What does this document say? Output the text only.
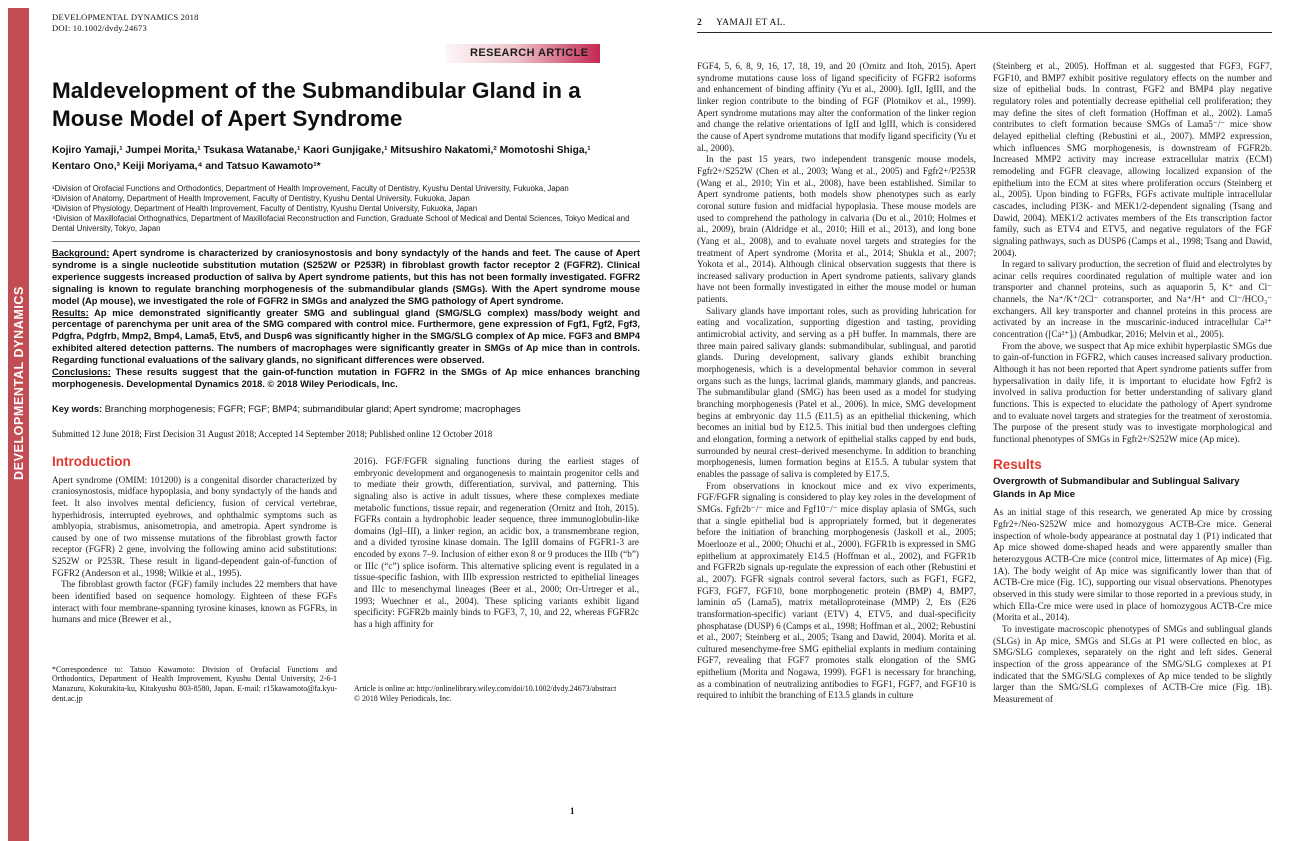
DEVELOPMENTAL DYNAMICS
DEVELOPMENTAL DYNAMICS 2018
DOI: 10.1002/dvdy.24673
RESEARCH ARTICLE
Maldevelopment of the Submandibular Gland in a
Mouse Model of Apert Syndrome
Kojiro Yamaji,¹ Jumpei Morita,¹ Tsukasa Watanabe,¹ Kaori Gunjigake,¹ Mitsushiro Nakatomi,² Momotoshi Shiga,¹
Kentaro Ono,³ Keiji Moriyama,⁴ and Tatsuo Kawamoto¹*
¹Division of Orofacial Functions and Orthodontics, Department of Health Improvement, Faculty of Dentistry, Kyushu Dental University, Fukuoka, Japan
²Division of Anatomy, Department of Health Improvement, Faculty of Dentistry, Kyushu Dental University, Fukuoka, Japan
³Division of Physiology, Department of Health Improvement, Faculty of Dentistry, Kyushu Dental University, Fukuoka, Japan
⁴Division of Maxillofacial Orthognathics, Department of Maxillofacial Reconstruction and Function, Graduate School of Medical and Dental Sciences, Tokyo Medical and Dental University, Tokyo, Japan

Background: Apert syndrome is characterized by craniosynostosis and bony syndactyly of the hands and feet. The cause of Apert syndrome is a single nucleotide substitution mutation (S252W or P253R) in fibroblast growth factor receptor 2 (FGFR2). Clinical experience suggests increased production of saliva by Apert syndrome patients, but this has not been formally investigated. FGFR2 signaling is known to regulate branching morphogenesis of the submandibular glands (SMGs). With the Apert syndrome mouse model (Ap mouse), we investigated the role of FGFR2 in SMGs and analyzed the SMG pathology of Apert syndrome.

Results: Ap mice demonstrated significantly greater SMG and sublingual gland (SMG/SLG complex) mass/body weight and percentage of parenchyma per unit area of the SMG compared with control mice. Furthermore, gene expression of Fgf1, Fgf2, Fgf3, Pdgfra, Pdgfrb, Mmp2, Bmp4, Lama5, Etv5, and Dusp6 was significantly higher in the SMG/SLG complex of Ap mice. FGF3 and BMP4 exhibited altered detection patterns. The numbers of macrophages were significantly greater in SMGs of Ap mice than in controls. Regarding functional evaluations of the salivary glands, no significant differences were observed.

Conclusions: These results suggest that the gain-of-function mutation in FGFR2 in the SMGs of Ap mice enhances branching morphogenesis. Developmental Dynamics 2018. © 2018 Wiley Periodicals, Inc.

Key words: Branching morphogenesis; FGFR; FGF; BMP4; submandibular gland; Apert syndrome; macrophages
Submitted 12 June 2018; First Decision 31 August 2018; Accepted 14 September 2018; Published online 12 October 2018
Introduction

Apert syndrome (OMIM: 101200) is a congenital disorder characterized by craniosynostosis, midface hypoplasia, and bony syndactyly of the hands and feet. It also involves mental deficiency, fusion of cervical vertebrae, hyperhidrosis, interrupted eyebrows, and ophthalmic symptoms such as amblyopia, strabismus, anisometropia, and ametropia. Apert syndrome is caused by one of two missense mutations of the fibroblast growth factor receptor (FGFR) 2 gene, involving the following amino acid substitutions: S252W or P253R. These result in ligand-dependent gain-of-function of FGFR2 (Anderson et al., 1998; Wilkie et al., 1995).

The fibroblast growth factor (FGF) family includes 22 members that have been identified based on sequence homology. Eighteen of these FGFs interact with four membrane-spanning tyrosine kinases, known as FGFRs, in humans and mice (Brewer et al.,

*Correspondence to: Tatsuo Kawamoto: Division of Orofacial Functions and Orthodontics, Department of Health Improvement, Kyushu Dental University, 2-6-1 Manazuru, Kokurakita-ku, Kitakyushu 803-8580, Japan. E-mail: r15kawamoto@fa.kyu-dent.ac.jp

2016). FGF/FGFR signaling functions during the earliest stages of embryonic development and organogenesis to maintain progenitor cells and to mediate their growth, differentiation, survival, and patterning. This signaling also is active in adult tissues, where these complexes mediate metabolic functions, tissue repair, and regeneration (Ornitz and Itoh, 2015). FGFRs contain a hydrophobic leader sequence, three immunoglobulin-like domains (IgI–III), a linker region, an acidic box, a transmembrane region, and a divided tyrosine kinase domain. The IgIII domains of FGFR1-3 are encoded by exons 7–9. Inclusion of either exon 8 or 9 produces the IIIb (“b”) or IIIc (“c”) splice isoform. This alternative splicing event is regulated in a tissue-specific fashion, with IIIb expression restricted to epithelial lineages and IIIc to mesenchymal lineages (Beer et al., 2000; Orr-Urtreger et al., 1993; Wuechner et al., 2004). These splicing variants exhibit ligand specificity: FGFR2b mainly binds to FGF3, 7, 10, and 22, whereas FGFR2c has a high affinity for

Article is online at: http://onlinelibrary.wiley.com/doi/10.1002/dvdy.24673/abstract
© 2018 Wiley Periodicals, Inc.
1
2 YAMAJI ET AL.

FGF4, 5, 6, 8, 9, 16, 17, 18, 19, and 20 (Ornitz and Itoh, 2015). Apert syndrome mutations cause loss of ligand specificity of FGFR2 isoforms and enhancement of binding affinity (Yu et al., 2000). IgII, IgIII, and the linker region contribute to the binding of FGF (Plotnikov et al., 1999). Apert syndrome mutations may alter the conformation of the linker region and change the relative orientations of IgII and IgIII, which is considered the cause of Apert syndrome mutations that modify ligand specificity (Yu et al., 2000).

In the past 15 years, two independent transgenic mouse models, Fgfr2+/S252W (Chen et al., 2003; Wang et al., 2005) and Fgfr2+/P253R (Wang et al., 2010; Yin et al., 2008), have been established. Similar to Apert syndrome patients, both models show phenotypes such as early coronal suture fusion and midfacial hypoplasia. These mouse models are used to comprehend the pathology in calvaria (Du et al., 2010; Holmes et al., 2009), brain (Aldridge et al., 2010; Hill et al., 2013), and long bone (Yang et al., 2008), and to evaluate novel targets and strategies for the treatment of Apert syndrome (Morita et al., 2014; Shukla et al., 2007; Yokota et al., 2014). Although clinical observation suggests that there is increased salivary production in Apert syndrome patients, salivary glands have not been formally investigated in either the mouse model or human patients.

Salivary glands have important roles, such as providing lubrication for eating and vocalization, supporting digestion and tasting, providing antimicrobial activity, and serving as a pH buffer. In mammals, there are three main paired salivary glands: submandibular, sublingual, and parotid glands. During development, salivary glands exhibit branching morphogenesis, which is a developmental behavior common in several organs such as the lungs, lacrimal glands, mammary glands, and pancreas. The submandibular gland (SMG) has been used as a model for studying branching morphogenesis (Patel et al., 2006). In mice, SMG development begins at embryonic day 11.5 (E11.5) as an epithelial thickening, which becomes an initial bud by E12.5. This initial bud then undergoes clefting and elongation, forming a network of epithelial stalks capped by end buds, surrounded by neural crest–derived mesenchyme. In addition to branching morphogenesis, lumen formation begins at E15.5. A tubular system that enables the passage of saliva is completed by E17.5.

From observations in knockout mice and ex vivo experiments, FGF/FGFR signaling is considered to play key roles in the development of SMGs. Fgfr2b⁻/⁻ mice and Fgf10⁻/⁻ mice display aplasia of SMGs, such that a single epithelial bud is appropriately formed, but it degenerates before the initiation of branching morphogenesis (Jaskoll et al., 2005; Moerlooze et al., 2000; Ohuchi et al., 2000). FGFR1b is expressed in SMG epithelium at approximately E14.5 (Hoffman et al., 2002), and FGFR1b and FGFR2b signals up-regulate the expression of each other (Rebustini et al., 2007). FGFR signals control several factors, such as FGF1, FGF2, FGF3, FGF7, FGF10, bone morphogenetic protein (BMP) 4, BMP7, laminin α5 (Lama5), matrix metalloproteinase (MMP) 2, Ets (E26 transformation-specific) variant (ETV) 4, ETV5, and dual-specificity phosphatase (DUSP) 6 (Camps et al., 1998; Hoffman et al., 2002; Rebustini et al., 2007; Steinberg et al., 2005; Tsang and Dawid, 2004). Morita et al. cultured mesenchyme-free SMG epithelial explants in medium containing FGF7, revealing that FGF7 promotes stalk elongation of the SMG epithelium (Morita and Nogawa, 1999). FGF1 is necessary for branching, as a combination of neutralizing antibodies to FGF1, FGF7, and FGF10 is required to inhibit the branching of E13.5 glands in culture

(Steinberg et al., 2005). Hoffman et al. suggested that FGF3, FGF7, FGF10, and BMP7 exhibit positive regulatory effects on the number and size of epithelial buds. In contrast, FGF2 and BMP4 play negative regulatory roles and potentially decrease epithelial cell proliferation; they may define the sites of cleft formation (Hoffman et al., 2002). Lama5 contributes to cleft formation because SMGs of Lama5⁻/⁻ mice show delayed epithelial clefting (Rebustini et al., 2007). MMP2 expression, which influences SMG morphogenesis, is downstream of FGFR2b. Increased MMP2 activity may increase extracellular matrix (ECM) remodeling and FGFR cleavage, allowing localized expansion of the epithelium into the ECM at sites where proliferation occurs (Steinberg et al., 2005). Upon binding to FGFRs, FGFs activate multiple intracellular cascades, including PI3K- and MEK1/2-dependent signaling (Tsang and Dawid, 2004). MEK1/2 activates members of the Ets transcription factor family, such as ETV4 and ETV5, and negative regulators of the FGF signaling pathways, such as DUSP6 (Camps et al., 1998; Tsang and Dawid, 2004).

In regard to salivary production, the secretion of fluid and electrolytes by acinar cells requires coordinated regulation of multiple water and ion transporter and channel proteins, such as aquaporin 5, K⁺ and Cl⁻ channels, the Na⁺/K⁺/2Cl⁻ cotransporter, and Na⁺/H⁺ and Cl⁻/HCO₃⁻ exchangers. All key transporter and channel proteins in this process are activated by an increase in the muscarinic-induced intracellular Ca²⁺ concentration ([Ca²⁺]ᵢ) (Ambudkar, 2016; Melvin et al., 2005).

From the above, we suspect that Ap mice exhibit hyperplastic SMGs due to gain-of-function in FGFR2, which causes increased salivary production. Although it has not been reported that Apert syndrome patients suffer from hypersalivation in daily life, it is important to elucidate how Fgfr2 is involved in saliva production for better understanding of salivary gland functions. This is expected to elucidate the pathology of Apert syndrome and to evaluate novel targets and strategies for the treatment of xerostomia. The purpose of the present study was to investigate morphological and functional phenotypes of SMGs in Fgfr2+/S252W mice (Ap mice).

Results
Overgrowth of Submandibular and Sublingual Salivary Glands in Ap Mice

As an initial stage of this research, we generated Ap mice by crossing Fgfr2+/Neo-S252W mice and homozygous ACTB-Cre mice. General inspection of whole-body appearance at postnatal day 1 (P1) indicated that Ap mice showed dome-shaped heads and were apparently smaller than heterozygous ACTB-Cre mice (control mice, littermates of Ap mice) (Fig. 1A). The body weight of Ap mice was significantly lower than that of ACTB-Cre mice (Fig. 1C), supporting our visual observations. Phenotypes observed in this study were similar to those reported in a previous study, in which EIIa-Cre mice were used in place of homozygous ACTB-Cre mice (Morita et al., 2014).

To investigate macroscopic phenotypes of SMGs and sublingual glands (SLGs) in Ap mice, SMGs and SLGs at P1 were collected en bloc, as SMG/SLG complexes, separately on the right and left sides. General inspection of the gross appearance of the SMG/SLG complexes at P1 indicated that the SMG/SLG complexes of Ap mice tended to be slightly larger than the SMG/SLG complexes of ACTB-Cre mice (Fig. 1B). Measurement of
